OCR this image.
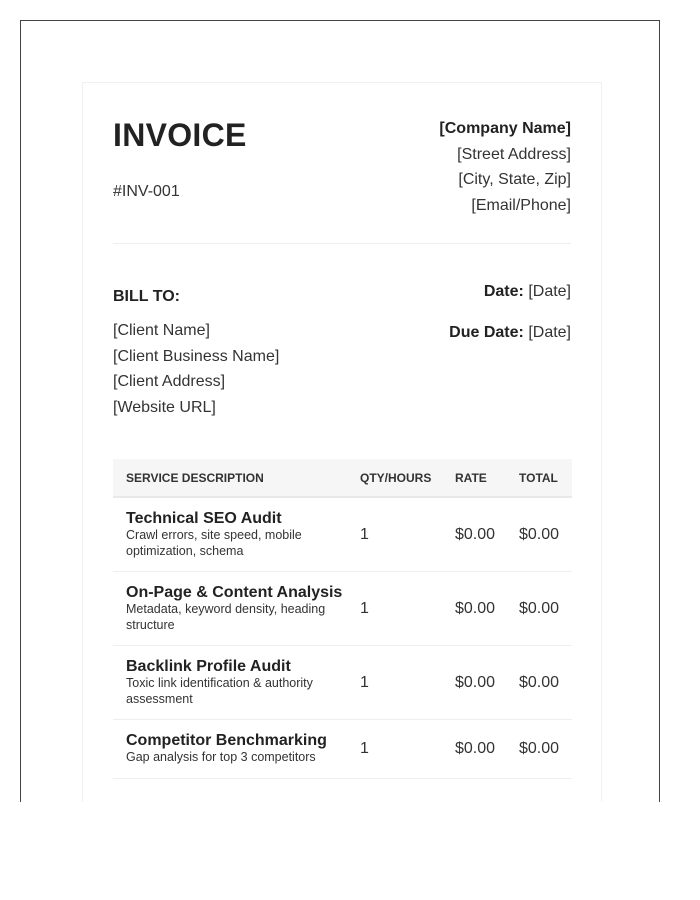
INVOICE
#INV-001
[Company Name]
[Street Address]
[City, State, Zip]
[Email/Phone]
BILL TO:
[Client Name]
[Client Business Name]
[Client Address]
[Website URL]
Date: [Date]
Due Date: [Date]
SERVICE DESCRIPTION	QTY/HOURS	RATE	TOTAL

Technical SEO Audit
Crawl errors, site speed, mobile optimization, schema	1	$0.00	$0.00

On-Page & Content Analysis
Metadata, keyword density, heading structure	1	$0.00	$0.00

Backlink Profile Audit
Toxic link identification & authority assessment	1	$0.00	$0.00

Competitor Benchmarking
Gap analysis for top 3 competitors	1	$0.00	$0.00
